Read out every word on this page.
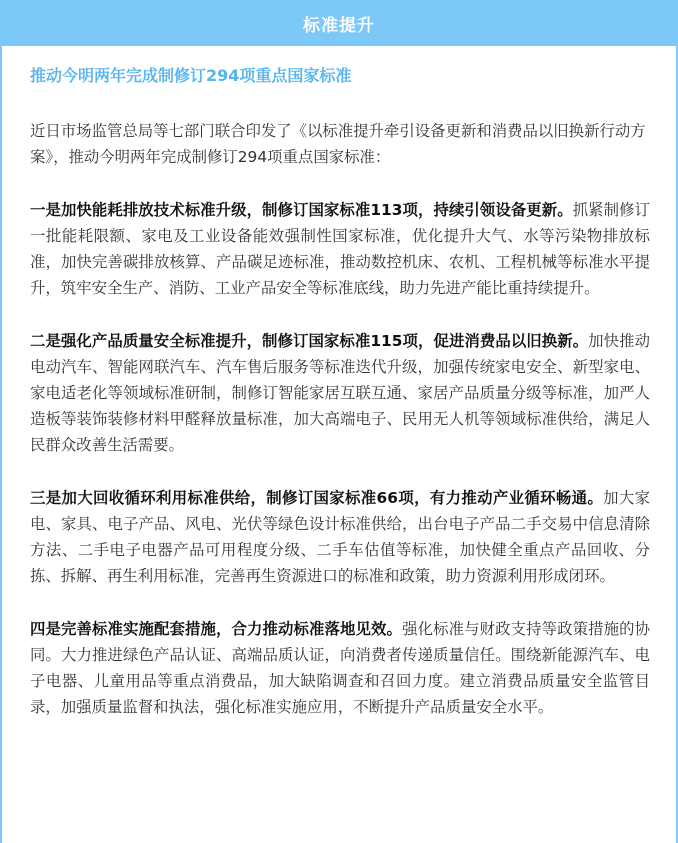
标准提升

推动今明两年完成制修订294项重点国家标准

近日市场监管总局等七部门联合印发了《以标准提升牵引设备更新和消费品以旧换新行动方案》，推动今明两年完成制修订294项重点国家标准：

一是加快能耗排放技术标准升级，制修订国家标准113项，持续引领设备更新。抓紧制修订一批能耗限额、家电及工业设备能效强制性国家标准，优化提升大气、水等污染物排放标准，加快完善碳排放核算、产品碳足迹标准，推动数控机床、农机、工程机械等标准水平提升，筑牢安全生产、消防、工业产品安全等标准底线，助力先进产能比重持续提升。

二是强化产品质量安全标准提升，制修订国家标准115项，促进消费品以旧换新。加快推动电动汽车、智能网联汽车、汽车售后服务等标准迭代升级，加强传统家电安全、新型家电、家电适老化等领域标准研制，制修订智能家居互联互通、家居产品质量分级等标准，加严人造板等装饰装修材料甲醛释放量标准，加大高端电子、民用无人机等领域标准供给，满足人民群众改善生活需要。

三是加大回收循环利用标准供给，制修订国家标准66项，有力推动产业循环畅通。加大家电、家具、电子产品、风电、光伏等绿色设计标准供给，出台电子产品二手交易中信息清除方法、二手电子电器产品可用程度分级、二手车估值等标准，加快健全重点产品回收、分拣、拆解、再生利用标准，完善再生资源进口的标准和政策，助力资源利用形成闭环。

四是完善标准实施配套措施，合力推动标准落地见效。强化标准与财政支持等政策措施的协同。大力推进绿色产品认证、高端品质认证，向消费者传递质量信任。围绕新能源汽车、电子电器、儿童用品等重点消费品，加大缺陷调查和召回力度。建立消费品质量安全监管目录，加强质量监督和执法，强化标准实施应用，不断提升产品质量安全水平。
